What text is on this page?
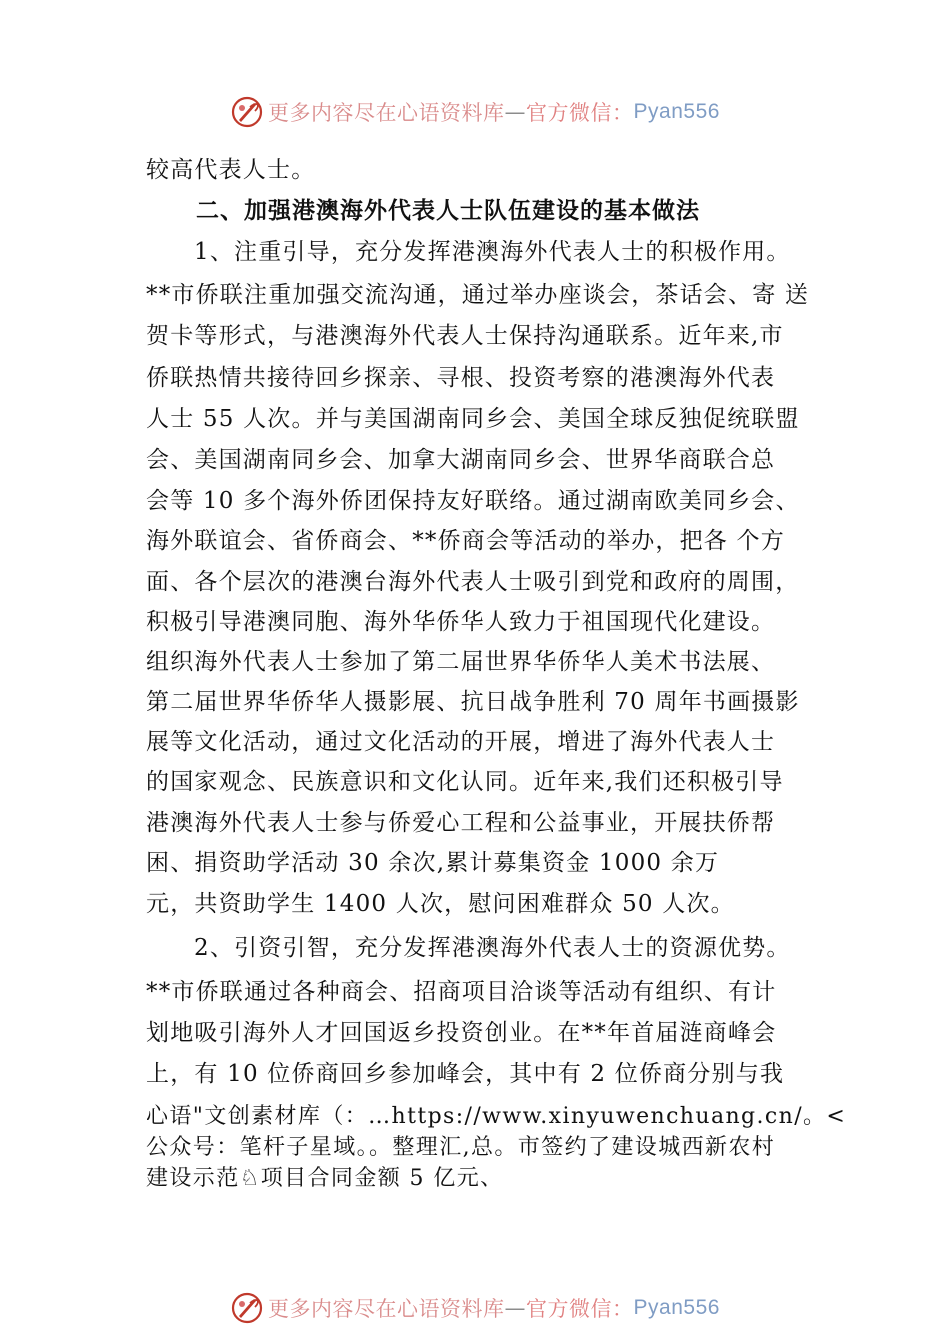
更多内容尽在心语资料库 — 官方微信： Pyan556
较高代表人士。
二、加强港澳海外代表人士队伍建设的基本做法
1、注重引导，充分发挥港澳海外代表人士的积极作用。
**市侨联注重加强交流沟通，通过举办座谈会，茶话会、寄 送
贺卡等形式，与港澳海外代表人士保持沟通联系。近年来,市
侨联热情共接待回乡探亲、寻根、投资考察的港澳海外代表
人士 55 人次。并与美国湖南同乡会、美国全球反独促统联盟
会、美国湖南同乡会、加拿大湖南同乡会、世界华商联合总
会等 10 多个海外侨团保持友好联络。通过湖南欧美同乡会、
海外联谊会、省侨商会、**侨商会等活动的举办，把各 个方
面、各个层次的港澳台海外代表人士吸引到党和政府的周围，
积极引导港澳同胞、海外华侨华人致力于祖国现代化建设。
组织海外代表人士参加了第二届世界华侨华人美术书法展、
第二届世界华侨华人摄影展、抗日战争胜利 70 周年书画摄影
展等文化活动，通过文化活动的开展，增进了海外代表人士
的国家观念、民族意识和文化认同。近年来,我们还积极引导
港澳海外代表人士参与侨爱心工程和公益事业，开展扶侨帮
困、捐资助学活动 30 余次,累计募集资金 1000 余万
元，共资助学生 1400 人次，慰问困难群众 50 人次。
2、引资引智，充分发挥港澳海外代表人士的资源优势。
**市侨联通过各种商会、招商项目洽谈等活动有组织、有计
划地吸引海外人才回国返乡投资创业。在**年首届涟商峰会
上，有 10 位侨商回乡参加峰会，其中有 2 位侨商分别与我
心语"文创素材库（：…https://www.xinyuwenchuang.cn/。<
公众号：笔杆子星域。。整理汇,总。市签约了建设城西新农村
建设示范♘项目合同金额 5 亿元、
更多内容尽在心语资料库 — 官方微信： Pyan556
